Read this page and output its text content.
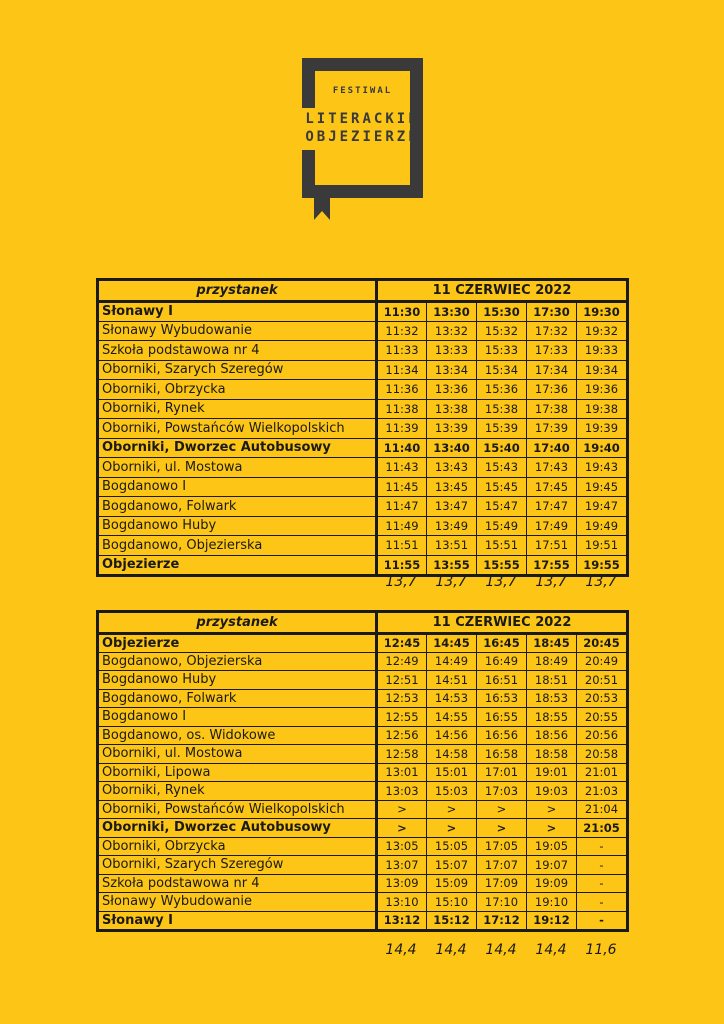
FESTIWAL
LITERACKIE
OBJEZIERZE
przystanek	11 CZERWIEC 2022				
Słonawy I	11:30	13:30	15:30	17:30	19:30
Słonawy Wybudowanie	11:32	13:32	15:32	17:32	19:32
Szkoła podstawowa nr 4	11:33	13:33	15:33	17:33	19:33
Oborniki, Szarych Szeregów	11:34	13:34	15:34	17:34	19:34
Oborniki, Obrzycka	11:36	13:36	15:36	17:36	19:36
Oborniki, Rynek	11:38	13:38	15:38	17:38	19:38
Oborniki, Powstańców Wielkopolskich	11:39	13:39	15:39	17:39	19:39
Oborniki, Dworzec Autobusowy	11:40	13:40	15:40	17:40	19:40
Oborniki, ul. Mostowa	11:43	13:43	15:43	17:43	19:43
Bogdanowo I	11:45	13:45	15:45	17:45	19:45
Bogdanowo, Folwark	11:47	13:47	15:47	17:47	19:47
Bogdanowo Huby	11:49	13:49	15:49	17:49	19:49
Bogdanowo, Objezierska	11:51	13:51	15:51	17:51	19:51
Objezierze	11:55	13:55	15:55	17:55	19:55
13,7	13,7	13,7	13,7	13,7
przystanek	11 CZERWIEC 2022				
Objezierze	12:45	14:45	16:45	18:45	20:45
Bogdanowo, Objezierska	12:49	14:49	16:49	18:49	20:49
Bogdanowo Huby	12:51	14:51	16:51	18:51	20:51
Bogdanowo, Folwark	12:53	14:53	16:53	18:53	20:53
Bogdanowo I	12:55	14:55	16:55	18:55	20:55
Bogdanowo, os. Widokowe	12:56	14:56	16:56	18:56	20:56
Oborniki, ul. Mostowa	12:58	14:58	16:58	18:58	20:58
Oborniki, Lipowa	13:01	15:01	17:01	19:01	21:01
Oborniki, Rynek	13:03	15:03	17:03	19:03	21:03
Oborniki, Powstańców Wielkopolskich	>	>	>	>	21:04
Oborniki, Dworzec Autobusowy	>	>	>	>	21:05
Oborniki, Obrzycka	13:05	15:05	17:05	19:05	-
Oborniki, Szarych Szeregów	13:07	15:07	17:07	19:07	-
Szkoła podstawowa nr 4	13:09	15:09	17:09	19:09	-
Słonawy Wybudowanie	13:10	15:10	17:10	19:10	-
Słonawy I	13:12	15:12	17:12	19:12	-
14,4	14,4	14,4	14,4	11,6
